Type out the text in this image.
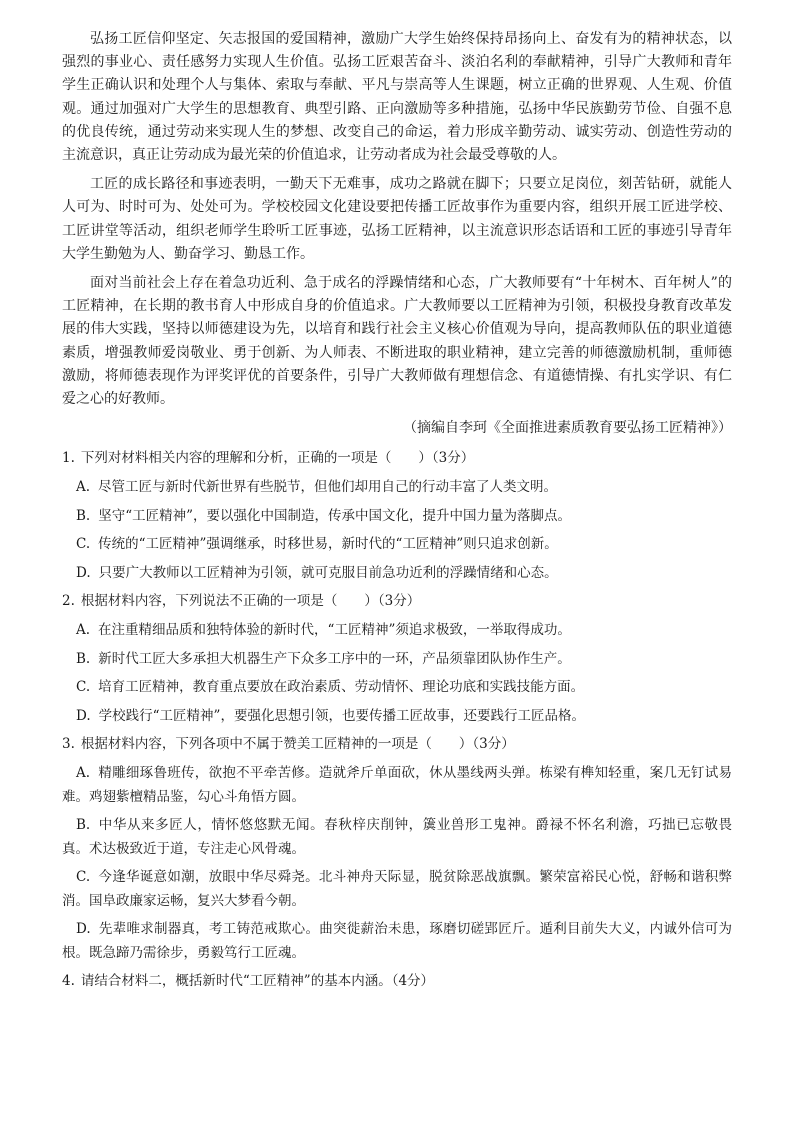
弘扬工匠信仰坚定、矢志报国的爱国精神，激励广大学生始终保持昂扬向上、奋发有为的精神状态，以强烈的事业心、责任感努力实现人生价值。弘扬工匠艰苦奋斗、淡泊名利的奉献精神，引导广大教师和青年学生正确认识和处理个人与集体、索取与奉献、平凡与崇高等人生课题，树立正确的世界观、人生观、价值观。通过加强对广大学生的思想教育、典型引路、正向激励等多种措施，弘扬中华民族勤劳节俭、自强不息的优良传统，通过劳动来实现人生的梦想、改变自己的命运，着力形成辛勤劳动、诚实劳动、创造性劳动的主流意识，真正让劳动成为最光荣的价值追求，让劳动者成为社会最受尊敬的人。

工匠的成长路径和事迹表明，一勤天下无难事，成功之路就在脚下；只要立足岗位，刻苦钻研，就能人人可为、时时可为、处处可为。学校校园文化建设要把传播工匠故事作为重要内容，组织开展工匠进学校、工匠讲堂等活动，组织老师学生聆听工匠事迹，弘扬工匠精神，以主流意识形态话语和工匠的事迹引导青年大学生勤勉为人、勤奋学习、勤恳工作。

面对当前社会上存在着急功近利、急于成名的浮躁情绪和心态，广大教师要有“十年树木、百年树人”的工匠精神，在长期的教书育人中形成自身的价值追求。广大教师要以工匠精神为引领，积极投身教育改革发展的伟大实践，坚持以师德建设为先，以培育和践行社会主义核心价值观为导向，提高教师队伍的职业道德素质，增强教师爱岗敬业、勇于创新、为人师表、不断进取的职业精神，建立完善的师德激励机制，重师德激励，将师德表现作为评奖评优的首要条件，引导广大教师做有理想信念、有道德情操、有扎实学识、有仁爱之心的好教师。

（摘编自李珂《全面推进素质教育要弘扬工匠精神》）
1. 下列对材料相关内容的理解和分析，正确的一项是（　　）（3分）
A. 尽管工匠与新时代新世界有些脱节，但他们却用自己的行动丰富了人类文明。
B. 坚守“工匠精神”，要以强化中国制造，传承中国文化，提升中国力量为落脚点。
C. 传统的“工匠精神”强调继承，时移世易，新时代的“工匠精神”则只追求创新。
D. 只要广大教师以工匠精神为引领，就可克服目前急功近利的浮躁情绪和心态。
2. 根据材料内容，下列说法不正确的一项是（　　）（3分）
A. 在注重精细品质和独特体验的新时代，“工匠精神”须追求极致，一举取得成功。
B. 新时代工匠大多承担大机器生产下众多工序中的一环，产品须靠团队协作生产。
C. 培育工匠精神，教育重点要放在政治素质、劳动情怀、理论功底和实践技能方面。
D. 学校践行“工匠精神”，要强化思想引领，也要传播工匠故事，还要践行工匠品格。
3. 根据材料内容，下列各项中不属于赞美工匠精神的一项是（　　）（3分）
A. 精雕细琢鲁班传，欲抱不平牵苦修。造就斧斤单面砍，休从墨线两头弹。栋梁有榫知轻重，案几无钉试易难。鸡翅紫檀精品鉴，勾心斗角悟方圆。
B. 中华从来多匠人，情怀悠悠默无闻。春秋梓庆削钟，簴业兽形工鬼神。爵禄不怀名利澹，巧拙已忘敬畏真。术达极致近于道，专注走心风骨魂。
C. 今逢华诞意如潮，放眼中华尽舜尧。北斗神舟天际显，脱贫除恶战旗飘。繁荣富裕民心悦，舒畅和谐积弊消。国阜政廉家运畅，复兴大梦看今朝。
D. 先辈唯求制器真，考工铸范戒欺心。曲突徙薪治未患，琢磨切磋郢匠斤。遁利目前失大义，内诚外信可为根。既急蹄乃需徐步，勇毅笃行工匠魂。
4. 请结合材料二，概括新时代“工匠精神”的基本内涵。（4分）
